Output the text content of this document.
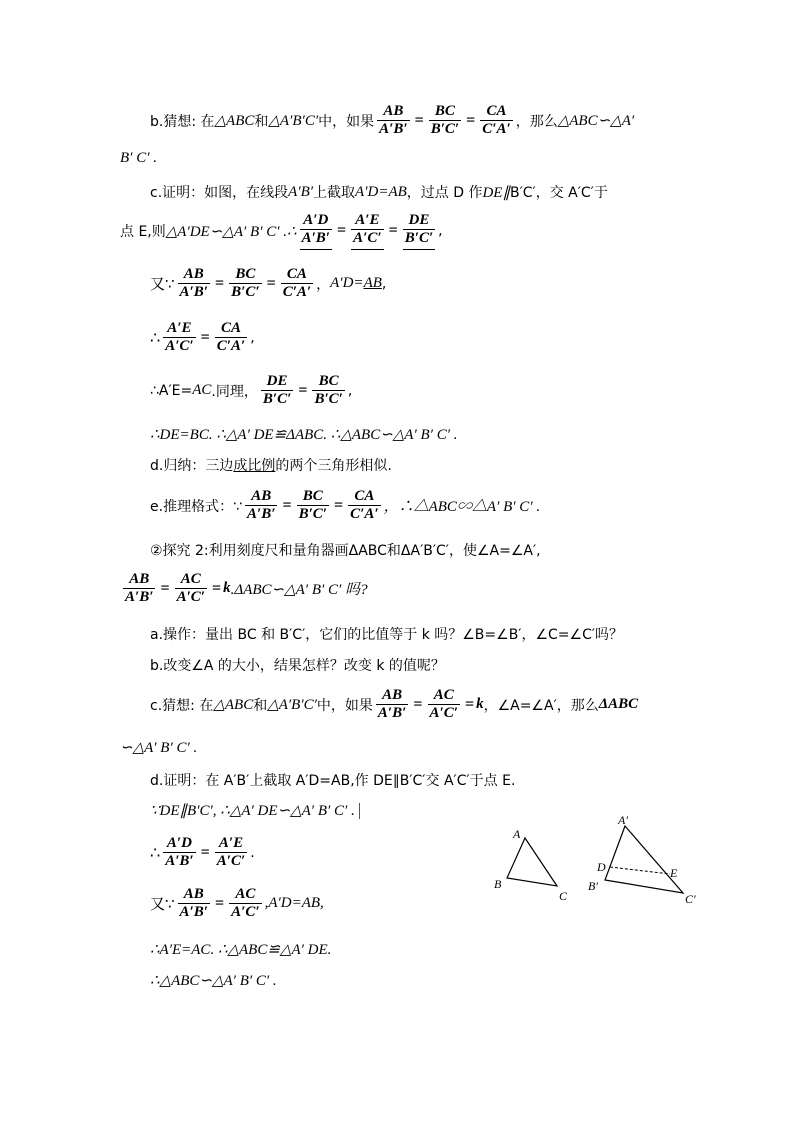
b.猜想: 在 △ABC 和 △A′B′C′ 中，如果 $\frac{AB}{A'B'} = \frac{BC}{B'C'} = \frac{CA}{C'A'}$ ，那么 △ABC∽△A′
B′ C′ .
c.证明：如图，在线段 A′B′ 上截取 A′D=AB ，过点 D 作 DE∥ B′C′，交 A′C′于
点 E,则 △A′DE ∽△A′ B′ C′ .∴ $\frac{A'D}{A'B'} = \frac{A'E}{A'C'} = \frac{DE}{B'C'}$ ,
又∵ $\frac{AB}{A'B'} = \frac{BC}{B'C'} = \frac{CA}{C'A'}$ ， A′D= AB ,
∴ $\frac{A'E}{A'C'} = \frac{CA}{C'A'}$ ,
∴A′E= AC .同理， $\frac{DE}{B'C'} = \frac{BC}{B'C'}$ ,
∴DE=BC. ∴△A′ DE≌ΔABC. ∴△ABC∽△A′ B′ C′ .
d.归纳：三边 成比例 的两个三角形相似.
e.推理格式：∵ $\frac{AB}{A'B'} = \frac{BC}{B'C'} = \frac{CA}{C'A'}$ ，∴△ABC∽△A′ B′ C′ .
②探究 2:利用刻度尺和量角器画ΔABC和ΔA′B′C′，使∠A=∠A′,
$\frac{AB}{A'B'} = \frac{AC}{A'C'} = k$ .ΔABC∽△A′ B′ C′ 吗?
a.操作：量出 BC 和 B′C′，它们的比值等于 k 吗？∠B=∠B′，∠C=∠C′吗？
b.改变∠A 的大小，结果怎样？改变 k 的值呢？
c.猜想: 在 △ABC 和 △A′B′C′ 中，如果 $\frac{AB}{A'B'} = \frac{AC}{A'C'} = k$ ，∠A=∠A′，那么 ΔABC
∽△A′ B′ C′ .
d.证明：在 A′B′上截取 A′D=AB,作 DE∥B′C′交 A′C′于点 E.
∵DE∥B′C′, ∴△A′ DE∽△A′ B′ C′ .
∴ $\frac{A'D}{A'B'} = \frac{A'E}{A'C'}$ .
又∵ $\frac{AB}{A'B'} = \frac{AC}{A'C'} ,A'D=AB$,
∴A′E=AC. ∴△ABC≌△A′ DE.
∴△ABC∽△A′ B′ C′ .
A
B
C
A′
B′
C′
D	E
